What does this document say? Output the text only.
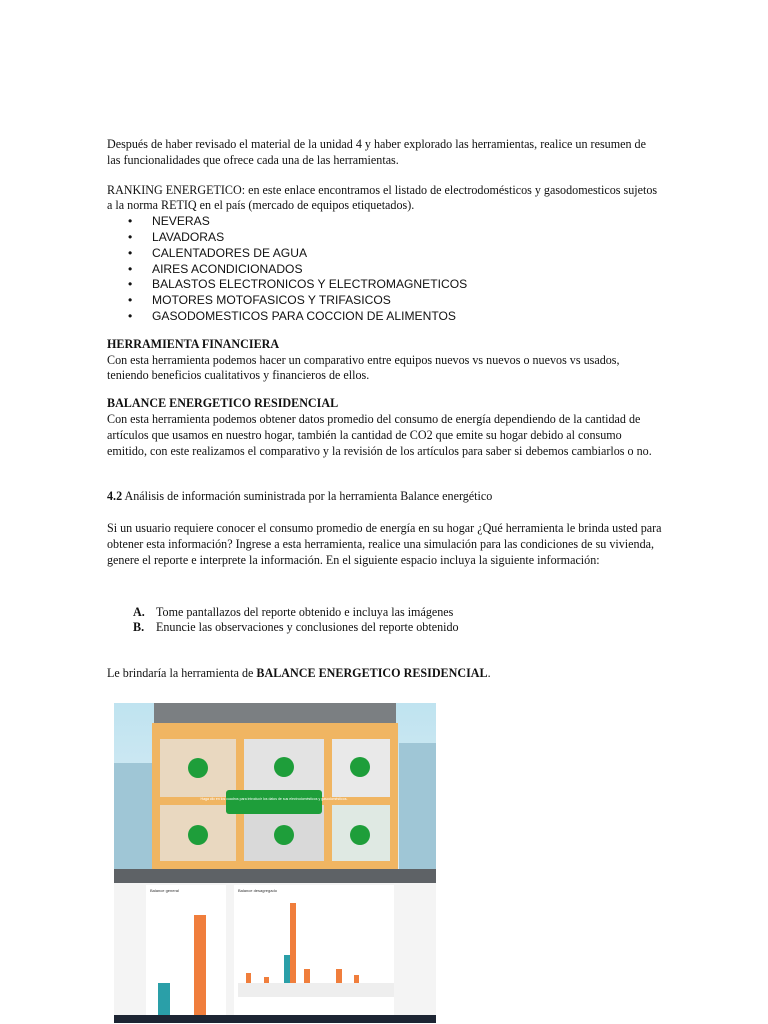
Después de haber revisado el material de la unidad 4 y haber explorado las herramientas, realice un resumen de las funcionalidades que ofrece cada una de las herramientas.

RANKING ENERGETICO: en este enlace encontramos el listado de electrodomésticos y gasodomesticos sujetos a la norma RETIQ en el país (mercado de equipos etiquetados).

• NEVERAS
• LAVADORAS
• CALENTADORES DE AGUA
• AIRES ACONDICIONADOS
• BALASTOS ELECTRONICOS Y ELECTROMAGNETICOS
• MOTORES MOTOFASICOS Y TRIFASICOS
• GASODOMESTICOS PARA COCCION DE ALIMENTOS

HERRAMIENTA FINANCIERA

Con esta herramienta podemos hacer un comparativo entre equipos nuevos vs nuevos o nuevos vs usados, teniendo beneficios cualitativos y financieros de ellos.

BALANCE ENERGETICO RESIDENCIAL

Con esta herramienta podemos obtener datos promedio del consumo de energía dependiendo de la cantidad de artículos que usamos en nuestro hogar, también la cantidad de CO2 que emite su hogar debido al consumo emitido, con este realizamos el comparativo y la revisión de los artículos para saber si debemos cambiarlos o no.

4.2 Análisis de información suministrada por la herramienta Balance energético

Si un usuario requiere conocer el consumo promedio de energía en su hogar ¿Qué herramienta le brinda usted para obtener esta información? Ingrese a esta herramienta, realice una simulación para las condiciones de su vivienda, genere el reporte e interprete la información. En el siguiente espacio incluya la siguiente información:

A. Tome pantallazos del reporte obtenido e incluya las imágenes
B. Enuncie las observaciones y conclusiones del reporte obtenido

Le brindaría la herramienta de BALANCE ENERGETICO RESIDENCIAL.

Haga clic en los cuadros para introducir los datos de sus electrodomésticos y gasodomésticos.
Balance general	Balance desagregado
